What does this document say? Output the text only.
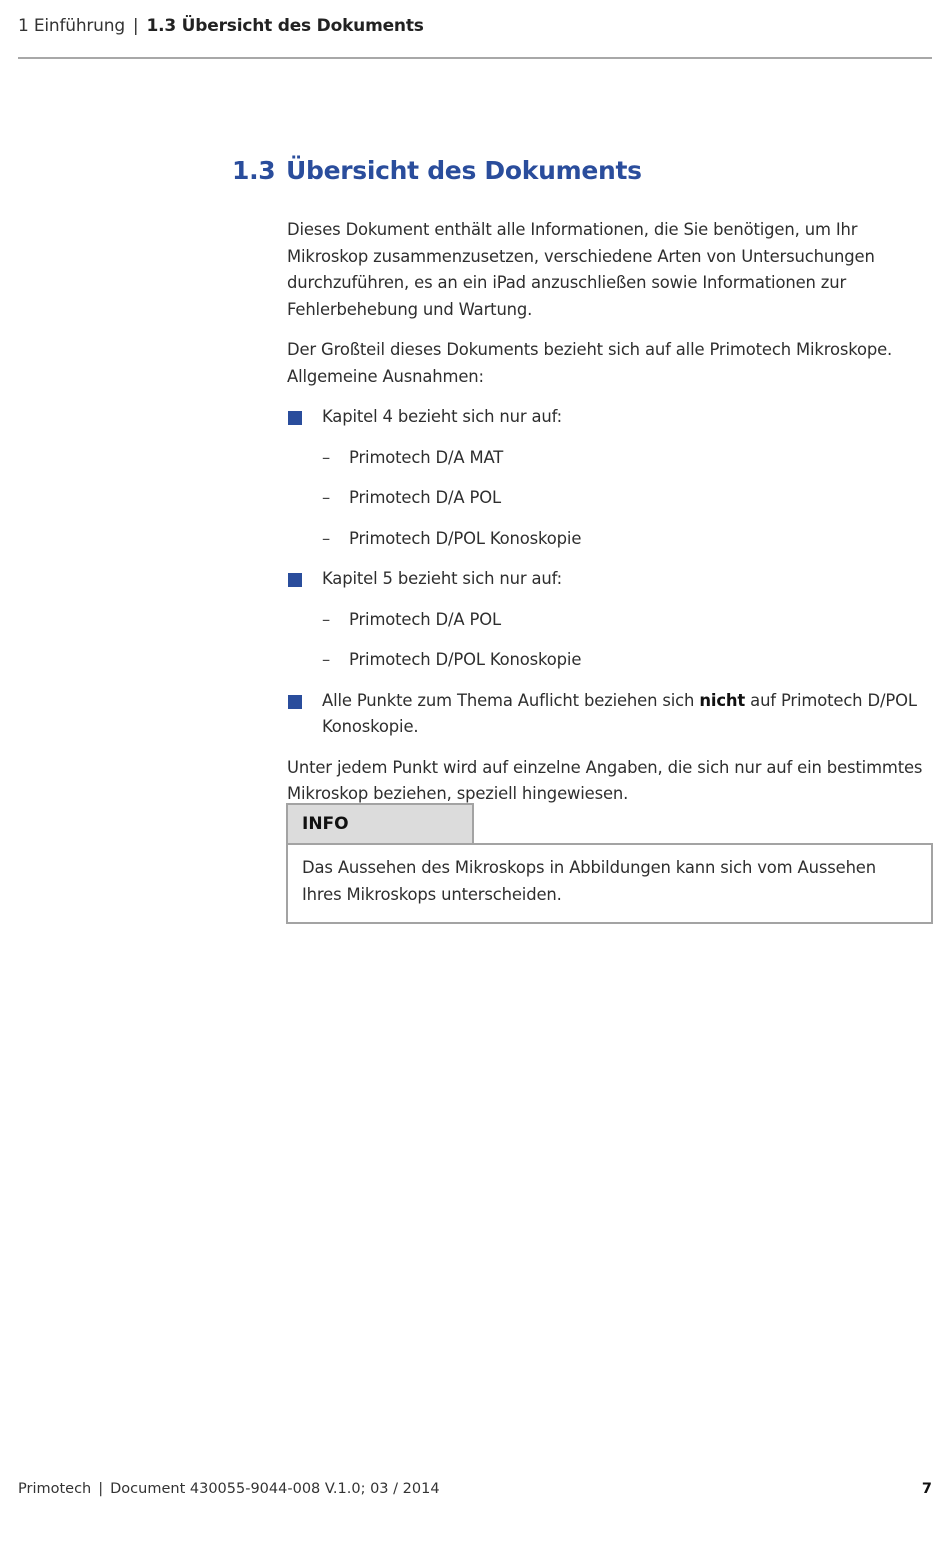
1 Einführung | 1.3 Übersicht des Dokuments
1.3 Übersicht des Dokuments

Dieses Dokument enthält alle Informationen, die Sie benötigen, um Ihr Mikroskop zusammenzusetzen, verschiedene Arten von Untersuchungen durchzuführen, es an ein iPad anzuschließen sowie Informationen zur Fehlerbehebung und Wartung.

Der Großteil dieses Dokuments bezieht sich auf alle Primotech Mikroskope.
Allgemeine Ausnahmen:

Kapitel 4 bezieht sich nur auf:
– Primotech D/A MAT
– Primotech D/A POL
– Primotech D/POL Konoskopie
Kapitel 5 bezieht sich nur auf:
– Primotech D/A POL
– Primotech D/POL Konoskopie
Alle Punkte zum Thema Auflicht beziehen sich nicht auf Primotech D/POL Konoskopie.

Unter jedem Punkt wird auf einzelne Angaben, die sich nur auf ein bestimmtes Mikroskop beziehen, speziell hingewiesen.

INFO
Das Aussehen des Mikroskops in Abbildungen kann sich vom Aussehen Ihres Mikroskops unterscheiden.
Primotech | Document 430055-9044-008 V.1.0; 03 / 2014	7
